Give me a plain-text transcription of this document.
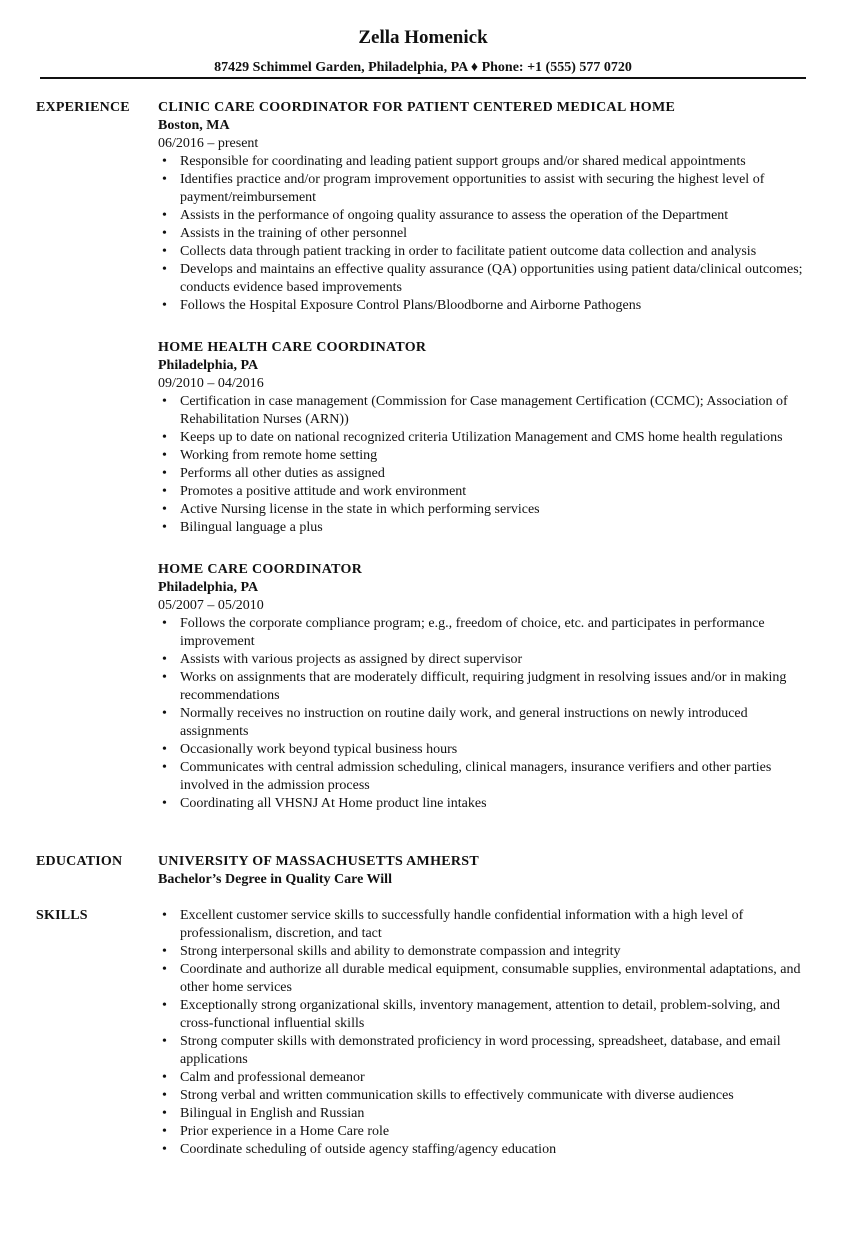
Zella Homenick
87429 Schimmel Garden, Philadelphia, PA ♦ Phone: +1 (555) 577 0720
EXPERIENCE CLINIC CARE COORDINATOR FOR PATIENT CENTERED MEDICAL HOME
Boston, MA
06/2016 – present
• Responsible for coordinating and leading patient support groups and/or shared medical appointments
• Identifies practice and/or program improvement opportunities to assist with securing the highest level of payment/reimbursement
• Assists in the performance of ongoing quality assurance to assess the operation of the Department
• Assists in the training of other personnel
• Collects data through patient tracking in order to facilitate patient outcome data collection and analysis
• Develops and maintains an effective quality assurance (QA) opportunities using patient data/clinical outcomes; conducts evidence based improvements
• Follows the Hospital Exposure Control Plans/Bloodborne and Airborne Pathogens
HOME HEALTH CARE COORDINATOR
Philadelphia, PA
09/2010 – 04/2016
• Certification in case management (Commission for Case management Certification (CCMC); Association of Rehabilitation Nurses (ARN))
• Keeps up to date on national recognized criteria Utilization Management and CMS home health regulations
• Working from remote home setting
• Performs all other duties as assigned
• Promotes a positive attitude and work environment
• Active Nursing license in the state in which performing services
• Bilingual language a plus
HOME CARE COORDINATOR
Philadelphia, PA
05/2007 – 05/2010
• Follows the corporate compliance program; e.g., freedom of choice, etc. and participates in performance improvement
• Assists with various projects as assigned by direct supervisor
• Works on assignments that are moderately difficult, requiring judgment in resolving issues and/or in making recommendations
• Normally receives no instruction on routine daily work, and general instructions on newly introduced assignments
• Occasionally work beyond typical business hours
• Communicates with central admission scheduling, clinical managers, insurance verifiers and other parties involved in the admission process
• Coordinating all VHSNJ At Home product line intakes
EDUCATION	UNIVERSITY OF MASSACHUSETTS AMHERST
Bachelor’s Degree in Quality Care Will
SKILLS
•	Excellent customer service skills to successfully handle confidential information with a high level of professionalism, discretion, and tact
• Strong interpersonal skills and ability to demonstrate compassion and integrity
• Coordinate and authorize all durable medical equipment, consumable supplies, environmental adaptations, and other home services
• Exceptionally strong organizational skills, inventory management, attention to detail, problem-solving, and cross-functional influential skills
• Strong computer skills with demonstrated proficiency in word processing, spreadsheet, database, and email applications
• Calm and professional demeanor
• Strong verbal and written communication skills to effectively communicate with diverse audiences
• Bilingual in English and Russian
• Prior experience in a Home Care role
• Coordinate scheduling of outside agency staffing/agency education
